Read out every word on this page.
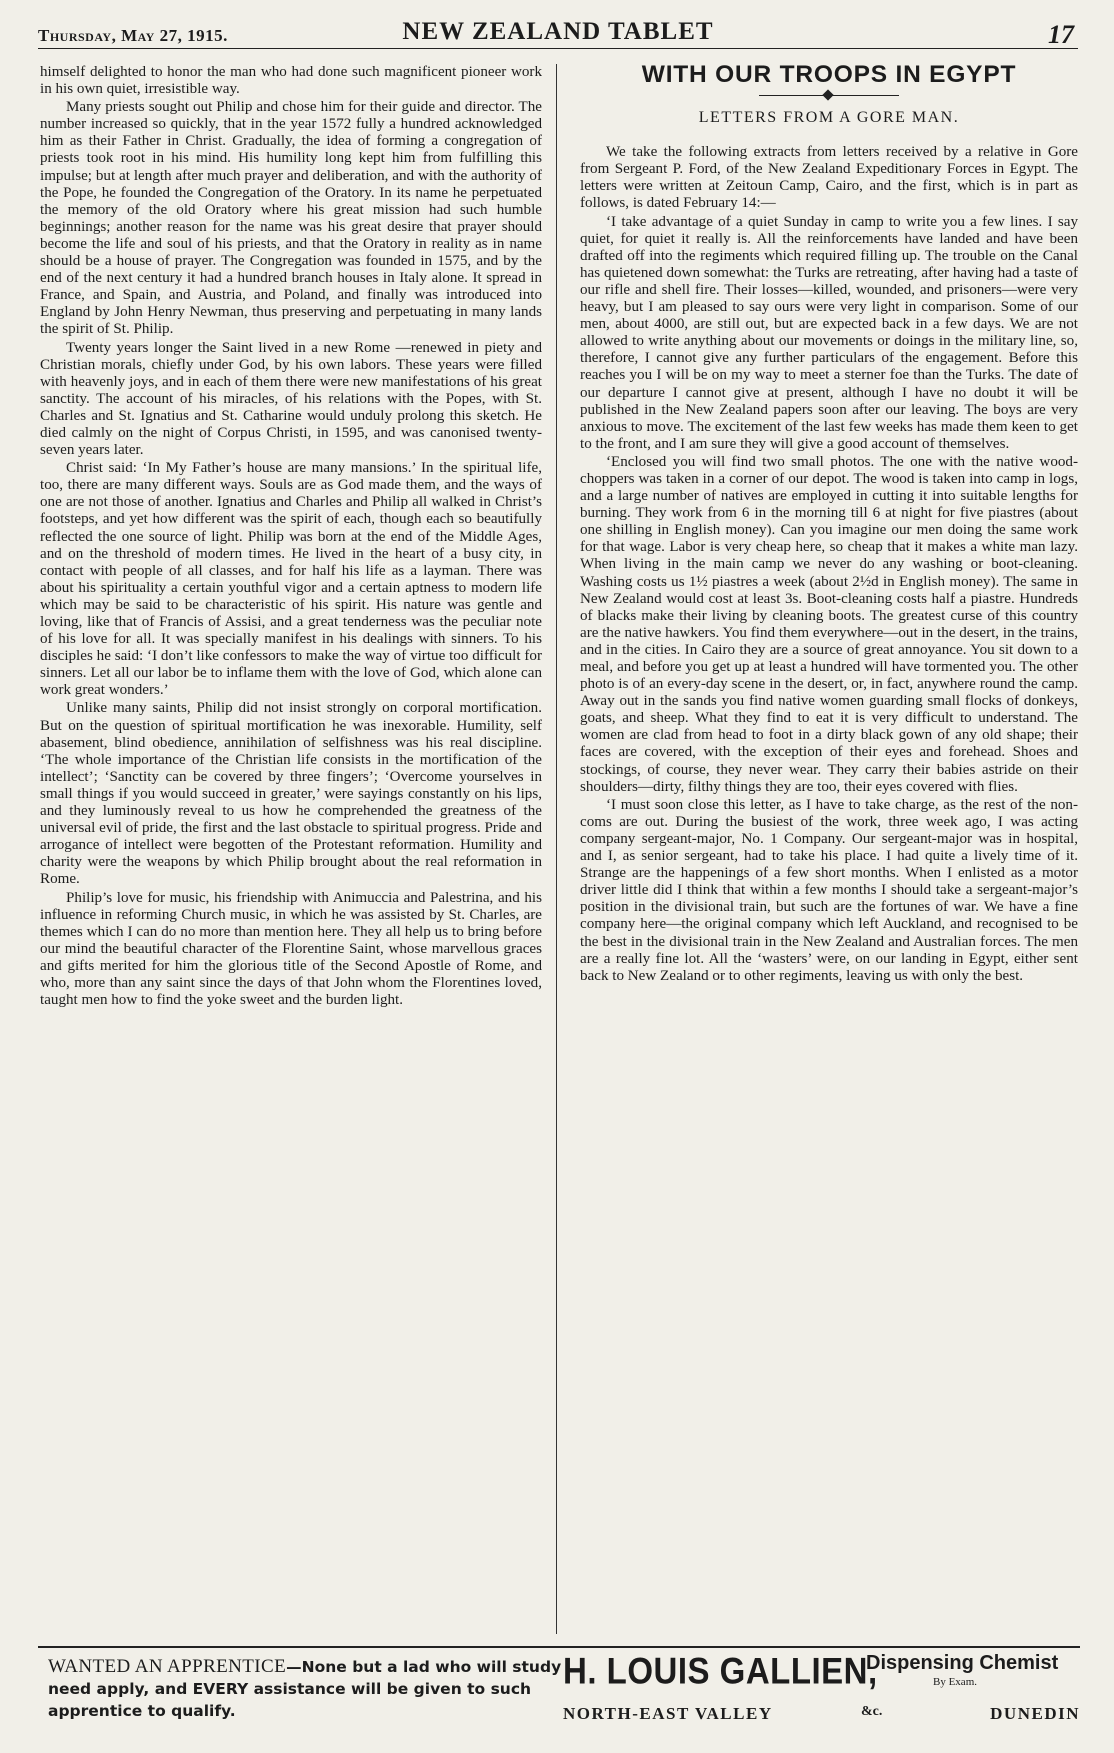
Thursday, May 27, 1915.	NEW ZEALAND TABLET	17

himself delighted to honor the man who had done such magnificent pioneer work in his own quiet, irresistible way.

Many priests sought out Philip and chose him for their guide and director. The number increased so quickly, that in the year 1572 fully a hundred acknowledged him as their Father in Christ. Gradually, the idea of forming a congregation of priests took root in his mind. His humility long kept him from fulfilling this impulse; but at length after much prayer and deliberation, and with the authority of the Pope, he founded the Congregation of the Oratory. In its name he perpetuated the memory of the old Oratory where his great mission had such humble beginnings; another reason for the name was his great desire that prayer should become the life and soul of his priests, and that the Oratory in reality as in name should be a house of prayer. The Congregation was founded in 1575, and by the end of the next century it had a hundred branch houses in Italy alone. It spread in France, and Spain, and Austria, and Poland, and finally was introduced into England by John Henry Newman, thus preserving and perpetuating in many lands the spirit of St. Philip.

Twenty years longer the Saint lived in a new Rome —renewed in piety and Christian morals, chiefly under God, by his own labors. These years were filled with heavenly joys, and in each of them there were new manifestations of his great sanctity. The account of his miracles, of his relations with the Popes, with St. Charles and St. Ignatius and St. Catharine would unduly prolong this sketch. He died calmly on the night of Corpus Christi, in 1595, and was canonised twenty-seven years later.

Christ said: ‘In My Father’s house are many mansions.’ In the spiritual life, too, there are many different ways. Souls are as God made them, and the ways of one are not those of another. Ignatius and Charles and Philip all walked in Christ’s footsteps, and yet how different was the spirit of each, though each so beautifully reflected the one source of light. Philip was born at the end of the Middle Ages, and on the threshold of modern times. He lived in the heart of a busy city, in contact with people of all classes, and for half his life as a layman. There was about his spirituality a certain youthful vigor and a certain aptness to modern life which may be said to be characteristic of his spirit. His nature was gentle and loving, like that of Francis of Assisi, and a great tenderness was the peculiar note of his love for all. It was specially manifest in his dealings with sinners. To his disciples he said: ‘I don’t like confessors to make the way of virtue too difficult for sinners. Let all our labor be to inflame them with the love of God, which alone can work great wonders.’

Unlike many saints, Philip did not insist strongly on corporal mortification. But on the question of spiritual mortification he was inexorable. Humility, self abasement, blind obedience, annihilation of selfishness was his real discipline. ‘The whole importance of the Christian life consists in the mortification of the intellect’; ‘Sanctity can be covered by three fingers’; ‘Overcome yourselves in small things if you would succeed in greater,’ were sayings constantly on his lips, and they luminously reveal to us how he comprehended the greatness of the universal evil of pride, the first and the last obstacle to spiritual progress. Pride and arrogance of intellect were begotten of the Protestant reformation. Humility and charity were the weapons by which Philip brought about the real reformation in Rome.

Philip’s love for music, his friendship with Animuccia and Palestrina, and his influence in reforming Church music, in which he was assisted by St. Charles, are themes which I can do no more than mention here. They all help us to bring before our mind the beautiful character of the Florentine Saint, whose marvellous graces and gifts merited for him the glorious title of the Second Apostle of Rome, and who, more than any saint since the days of that John whom the Florentines loved, taught men how to find the yoke sweet and the burden light.

WITH OUR TROOPS IN EGYPT
LETTERS FROM A GORE MAN.

We take the following extracts from letters received by a relative in Gore from Sergeant P. Ford, of the New Zealand Expeditionary Forces in Egypt. The letters were written at Zeitoun Camp, Cairo, and the first, which is in part as follows, is dated February 14:—

‘I take advantage of a quiet Sunday in camp to write you a few lines. I say quiet, for quiet it really is. All the reinforcements have landed and have been drafted off into the regiments which required filling up. The trouble on the Canal has quietened down somewhat: the Turks are retreating, after having had a taste of our rifle and shell fire. Their losses—killed, wounded, and prisoners—were very heavy, but I am pleased to say ours were very light in comparison. Some of our men, about 4000, are still out, but are expected back in a few days. We are not allowed to write anything about our movements or doings in the military line, so, therefore, I cannot give any further particulars of the engagement. Before this reaches you I will be on my way to meet a sterner foe than the Turks. The date of our departure I cannot give at present, although I have no doubt it will be published in the New Zealand papers soon after our leaving. The boys are very anxious to move. The excitement of the last few weeks has made them keen to get to the front, and I am sure they will give a good account of themselves.

‘Enclosed you will find two small photos. The one with the native wood-choppers was taken in a corner of our depot. The wood is taken into camp in logs, and a large number of natives are employed in cutting it into suitable lengths for burning. They work from 6 in the morning till 6 at night for five piastres (about one shilling in English money). Can you imagine our men doing the same work for that wage. Labor is very cheap here, so cheap that it makes a white man lazy. When living in the main camp we never do any washing or boot-cleaning. Washing costs us 1½ piastres a week (about 2½d in English money). The same in New Zealand would cost at least 3s. Boot-cleaning costs half a piastre. Hundreds of blacks make their living by cleaning boots. The greatest curse of this country are the native hawkers. You find them everywhere—out in the desert, in the trains, and in the cities. In Cairo they are a source of great annoyance. You sit down to a meal, and before you get up at least a hundred will have tormented you. The other photo is of an every-day scene in the desert, or, in fact, anywhere round the camp. Away out in the sands you find native women guarding small flocks of donkeys, goats, and sheep. What they find to eat it is very difficult to understand. The women are clad from head to foot in a dirty black gown of any old shape; their faces are covered, with the exception of their eyes and forehead. Shoes and stockings, of course, they never wear. They carry their babies astride on their shoulders—dirty, filthy things they are too, their eyes covered with flies.

‘I must soon close this letter, as I have to take charge, as the rest of the non-coms are out. During the busiest of the work, three week ago, I was acting company sergeant-major, No. 1 Company. Our sergeant-major was in hospital, and I, as senior sergeant, had to take his place. I had quite a lively time of it. Strange are the happenings of a few short months. When I enlisted as a motor driver little did I think that within a few months I should take a sergeant-major’s position in the divisional train, but such are the fortunes of war. We have a fine company here—the original company which left Auckland, and recognised to be the best in the divisional train in the New Zealand and Australian forces. The men are a really fine lot. All the ‘wasters’ were, on our landing in Egypt, either sent back to New Zealand or to other regiments, leaving us with only the best.

WANTED AN APPRENTICE—None but a lad who will study need apply, and EVERY assistance will be given to such apprentice to qualify.
H. LOUIS GALLIEN,
Dispensing Chemist
By Exam.
NORTH-EAST VALLEY	&c.	DUNEDIN
